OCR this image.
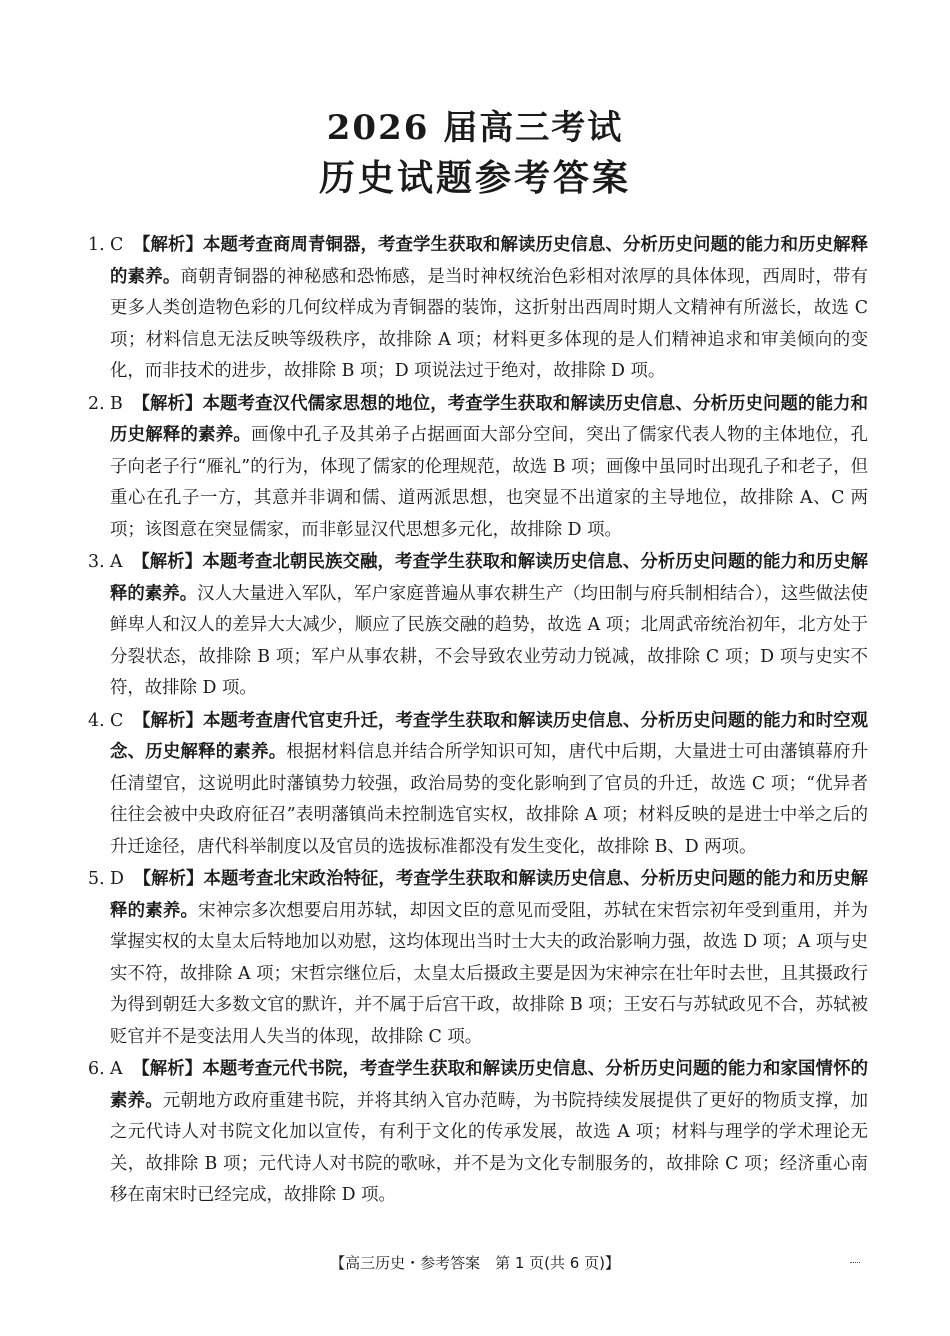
2026 届高三考试
历史试题参考答案
1. C 【解析】本题考查商周青铜器，考查学生获取和解读历史信息、分析历史问题的能力和历史解释的素养。商朝青铜器的神秘感和恐怖感，是当时神权统治色彩相对浓厚的具体体现，西周时，带有更多人类创造物色彩的几何纹样成为青铜器的装饰，这折射出西周时期人文精神有所滋长，故选 C 项；材料信息无法反映等级秩序，故排除 A 项；材料更多体现的是人们精神追求和审美倾向的变化，而非技术的进步，故排除 B 项；D 项说法过于绝对，故排除 D 项。
2. B 【解析】本题考查汉代儒家思想的地位，考查学生获取和解读历史信息、分析历史问题的能力和历史解释的素养。画像中孔子及其弟子占据画面大部分空间，突出了儒家代表人物的主体地位，孔子向老子行“雁礼”的行为，体现了儒家的伦理规范，故选 B 项；画像中虽同时出现孔子和老子，但重心在孔子一方，其意并非调和儒、道两派思想，也突显不出道家的主导地位，故排除 A、C 两项；该图意在突显儒家，而非彰显汉代思想多元化，故排除 D 项。
3. A 【解析】本题考查北朝民族交融，考查学生获取和解读历史信息、分析历史问题的能力和历史解释的素养。汉人大量进入军队，军户家庭普遍从事农耕生产（均田制与府兵制相结合），这些做法使鲜卑人和汉人的差异大大减少，顺应了民族交融的趋势，故选 A 项；北周武帝统治初年，北方处于分裂状态，故排除 B 项；军户从事农耕，不会导致农业劳动力锐减，故排除 C 项；D 项与史实不符，故排除 D 项。
4. C 【解析】本题考查唐代官吏升迁，考查学生获取和解读历史信息、分析历史问题的能力和时空观念、历史解释的素养。根据材料信息并结合所学知识可知，唐代中后期，大量进士可由藩镇幕府升任清望官，这说明此时藩镇势力较强，政治局势的变化影响到了官员的升迁，故选 C 项；“优异者往往会被中央政府征召”表明藩镇尚未控制选官实权，故排除 A 项；材料反映的是进士中举之后的升迁途径，唐代科举制度以及官员的选拔标准都没有发生变化，故排除 B、D 两项。
5. D 【解析】本题考查北宋政治特征，考查学生获取和解读历史信息、分析历史问题的能力和历史解释的素养。宋神宗多次想要启用苏轼，却因文臣的意见而受阻，苏轼在宋哲宗初年受到重用，并为掌握实权的太皇太后特地加以劝慰，这均体现出当时士大夫的政治影响力强，故选 D 项；A 项与史实不符，故排除 A 项；宋哲宗继位后，太皇太后摄政主要是因为宋神宗在壮年时去世，且其摄政行为得到朝廷大多数文官的默许，并不属于后宫干政，故排除 B 项；王安石与苏轼政见不合，苏轼被贬官并不是变法用人失当的体现，故排除 C 项。
6. A 【解析】本题考查元代书院，考查学生获取和解读历史信息、分析历史问题的能力和家国情怀的素养。元朝地方政府重建书院，并将其纳入官办范畴，为书院持续发展提供了更好的物质支撑，加之元代诗人对书院文化加以宣传，有利于文化的传承发展，故选 A 项；材料与理学的学术理论无关，故排除 B 项；元代诗人对书院的歌咏，并不是为文化专制服务的，故排除 C 项；经济重心南移在南宋时已经完成，故排除 D 项。
【高三历史・参考答案　第 1 页(共 6 页)】
